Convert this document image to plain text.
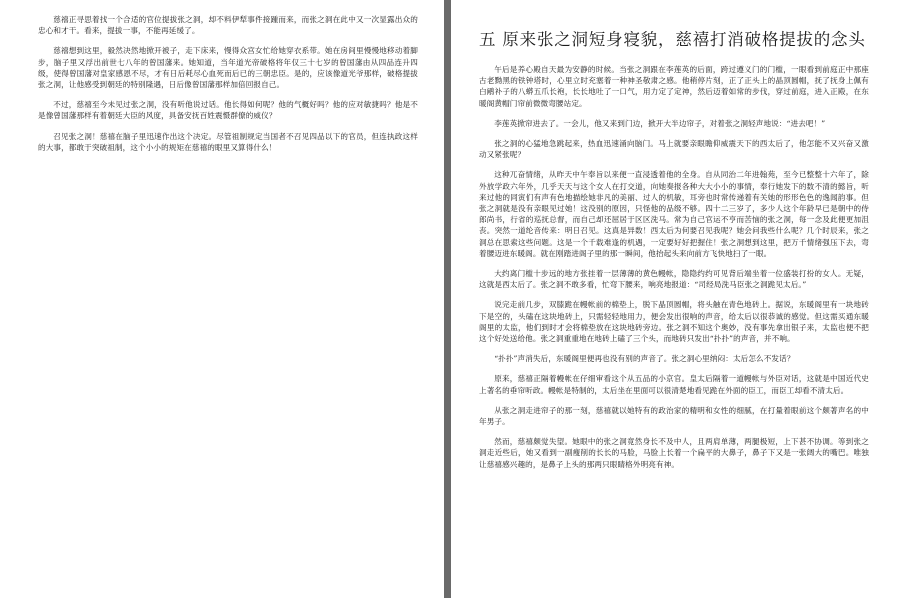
慈禧正寻思着找一个合适的官位提拔张之洞，却不料伊犁事件接踵而来，而张之洞在此中又一次显露出众的忠心和才干。看来，提拔一事，不能再延缓了。

慈禧想到这里，毅然决然地掀开被子，走下床来，慢得众宫女忙给她穿衣系带。她在房间里慢慢地移动着脚步，脑子里又浮出前世七八年的曾国藩来。她知道，当年道光帝破格将年仅三十七岁的曾国藩由从四品连升四级，使得曾国藩对皇家感恩不尽，才有日后耗尽心血死而后已的三朝忠臣。是的，应该像道光爷那样，破格提拔张之洞，让他感受到朝廷的特别隆遇，日后像曾国藩那样加倍回报自己。

不过，慈禧至今未见过张之洞，没有听他说过话。他长得如何呢？他的气概好吗？他的应对敏捷吗？他是不是像曾国藩那样有着朝廷大臣的风度，具备安抚百姓震慑群僚的威仪？

召见张之洞！慈禧在脑子里迅速作出这个决定。尽管祖制规定当国者不召见四品以下的官员，但连执政这样的大事，都敢于突破祖制，这个小小的规矩在慈禧的眼里又算得什么！

五 原来张之洞短身寝貌，慈禧打消破格提拔的念头

午后是养心殿自天最为安静的时候。当张之洞跟在李莲英的后面，跨过遵义门的门槛，一眼看到前庭正中那座古老黝黑的铁钟塔时，心里立时充塞着一种神圣敬肃之感。他稍停片刻，正了正头上的晶顶圆帽，抚了抚身上佩有白鹇补子的八蟒五爪长袍，长长地吐了一口气，用力定了定神，然后迈着如常的步伐，穿过前庭，进入正殿，在东暖阁黄帽门帘前微微弯腰站定。

李莲英掀帘进去了。一会儿，他又来到门边，掀开大半边帘子，对着张之洞轻声地说：“进去吧！”

张之洞的心猛地急跳起来，热血迅速涌向脑门。马上就要亲眼瞻仰威震天下的西太后了，他怎能不又兴奋又激动又紧张呢？

这种兀奋情绪，从昨天中午奉旨以来便一直浸透着他的全身。自从同治二年进翰苑，至今已整整十六年了，除外放学政六年外，几乎天天与这个女人在打交道，向她奏报各种大大小小的事情，奉行她发下的数不清的懿旨，听来过他的同寅们有声有色地描绘她非凡的美丽、过人的机敏，耳旁也时常传递着有关她的形形色色的逸闻韵事。但张之洞就是没有亲眼见过她！这没别的原因，只怪他的品级不够。四十二三岁了，多少人这个年龄早已是朝中的侍郎尚书，行省的巡抚总督，而自己却还屈居于区区洗马。常为自己官运不亨而苦恼的张之洞，每一念及此便更加沮丧。突然一道纶音传来：明日召见。这真是异数！西太后为何要召见我呢？她会问我些什么呢？几个时辰来，张之洞总在思索这些问题。这是一个千载难逢的机遇，一定要好好把握住！张之洞想到这里，把万千情绪强压下去，弯着腰迈进东暖阁。就在刚踏进阁子里的那一瞬间，他抬起头来向前方飞快地扫了一眼。

大约离门槛十步远的地方张挂着一层薄薄的黄色幔帐，隐隐约约可见背后端坐着一位盛装打扮的女人。无疑，这就是西太后了。张之洞不敢多看，忙弯下腰来，响亮地报道：“司经局洗马臣张之洞跪见太后。”

说完走前几步，双膝跪在幔帐前的棉垫上，脱下晶顶圆帽，将头触在青色地砖上。据说，东暖阁里有一块地砖下是空的，头磕在这块地砖上，只需轻轻地用力，便会发出很响的声音，给太后以很恭诚的感觉。但这需买通东暖阁里的太监，他们到时才会将棉垫放在这块地砖旁边。张之洞不知这个奥妙，没有事先拿出银子来，太监也便不把这个好处送给他。张之洞重重地在地砖上磕了三个头，而地砖只发出“扑扑”的声音，并不响。

“扑扑”声消失后，东暖阁里便再也没有别的声音了。张之洞心里纳闷：太后怎么不发话？

原来，慈禧正隔着幔帐在仔细审看这个从五品的小京官。皇太后隔着一道幔帐与外臣对话，这就是中国近代史上著名的垂帘听政。幔帐是特制的，太后坐在里面可以很清楚地看见跪在外面的臣工，而臣工却看不清太后。

从张之洞走进帘子的那一刻，慈禧就以她特有的政治家的精明和女性的细腻，在打量着眼前这个颇著声名的中年男子。

然而，慈禧颇觉失望。她眼中的张之洞竟然身长不及中人，且两肩单薄，两腿极短，上下甚不协调。等到张之洞走近些后，她又看到一副瘦削的长长的马脸，马脸上长着一个扁平的大鼻子，鼻子下又是一张阔大的嘴巴。唯独让慈禧感兴趣的，是鼻子上头的那两只眼睛格外明亮有神。
